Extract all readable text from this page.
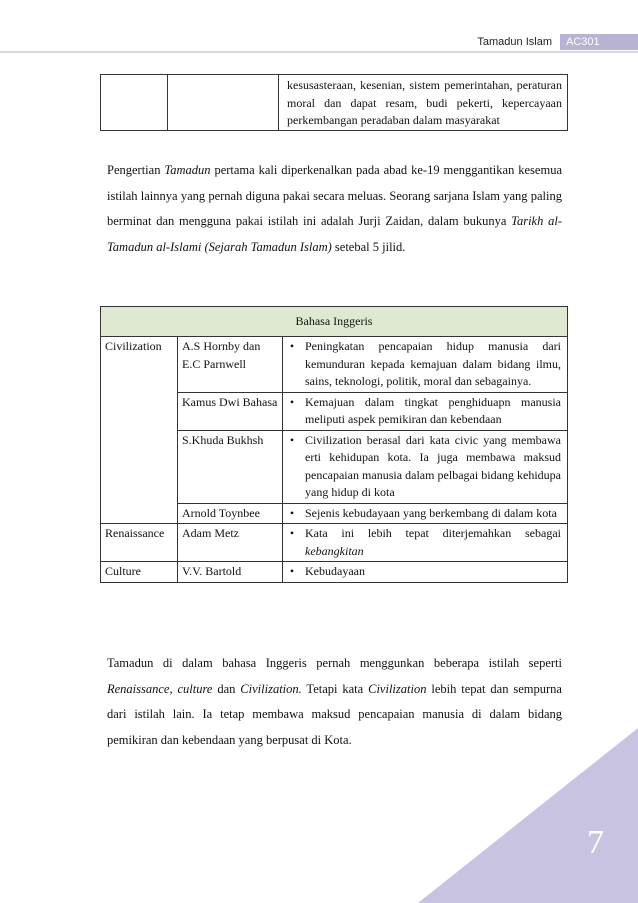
Tamadun Islam	AC301
		kesusasteraan, kesenian, sistem pemerintahan, peraturan moral dan dapat resam, budi pekerti, kepercayaan perkembangan peradaban dalam masyarakat

Pengertian Tamadun pertama kali diperkenalkan pada abad ke-19 menggantikan kesemua istilah lainnya yang pernah diguna pakai secara meluas. Seorang sarjana Islam yang paling berminat dan mengguna pakai istilah ini adalah Jurji Zaidan, dalam bukunya Tarikh al-Tamadun al-Islami (Sejarah Tamadun Islam) setebal 5 jilid.

Bahasa Inggeris			
Civilization	A.S Hornby dan E.C Parnwell	•	Peningkatan pencapaian hidup manusia dari kemunduran kepada kemajuan dalam bidang ilmu, sains, teknologi, politik, moral dan sebagainya.
	Kamus Dwi Bahasa	•	Kemajuan dalam tingkat penghiduapn manusia meliputi aspek pemikiran dan kebendaan
	S.Khuda Bukhsh	•	Civilization berasal dari kata civic yang membawa erti kehidupan kota. Ia juga membawa maksud pencapaian manusia dalam pelbagai bidang kehidupa yang hidup di kota
	Arnold Toynbee	•	Sejenis kebudayaan yang berkembang di dalam kota
Renaissance	Adam Metz	•	Kata ini lebih tepat diterjemahkan sebagai kebangkitan
Culture	V.V. Bartold	•	Kebudayaan

Tamadun di dalam bahasa Inggeris pernah menggunkan beberapa istilah seperti Renaissance, culture dan Civilization. Tetapi kata Civilization lebih tepat dan sempurna dari istilah lain. Ia tetap membawa maksud pencapaian manusia di dalam bidang pemikiran dan kebendaan yang berpusat di Kota.

7
